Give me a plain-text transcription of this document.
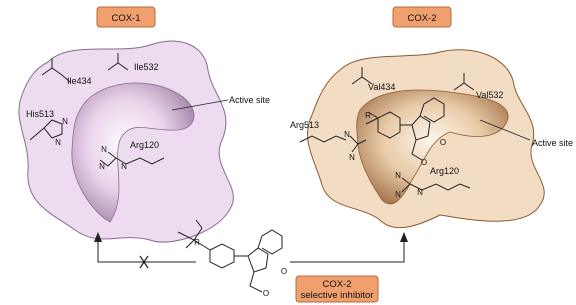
COX-1
Active site
Ile434
Ile532
His513
N
N	Arg120
N
N N
COX-2
Active site
Val434
Val532
Arg513
N
N
R
O
O
Arg120
N
N N
R
O
O
COX-2
selective inhibitor
